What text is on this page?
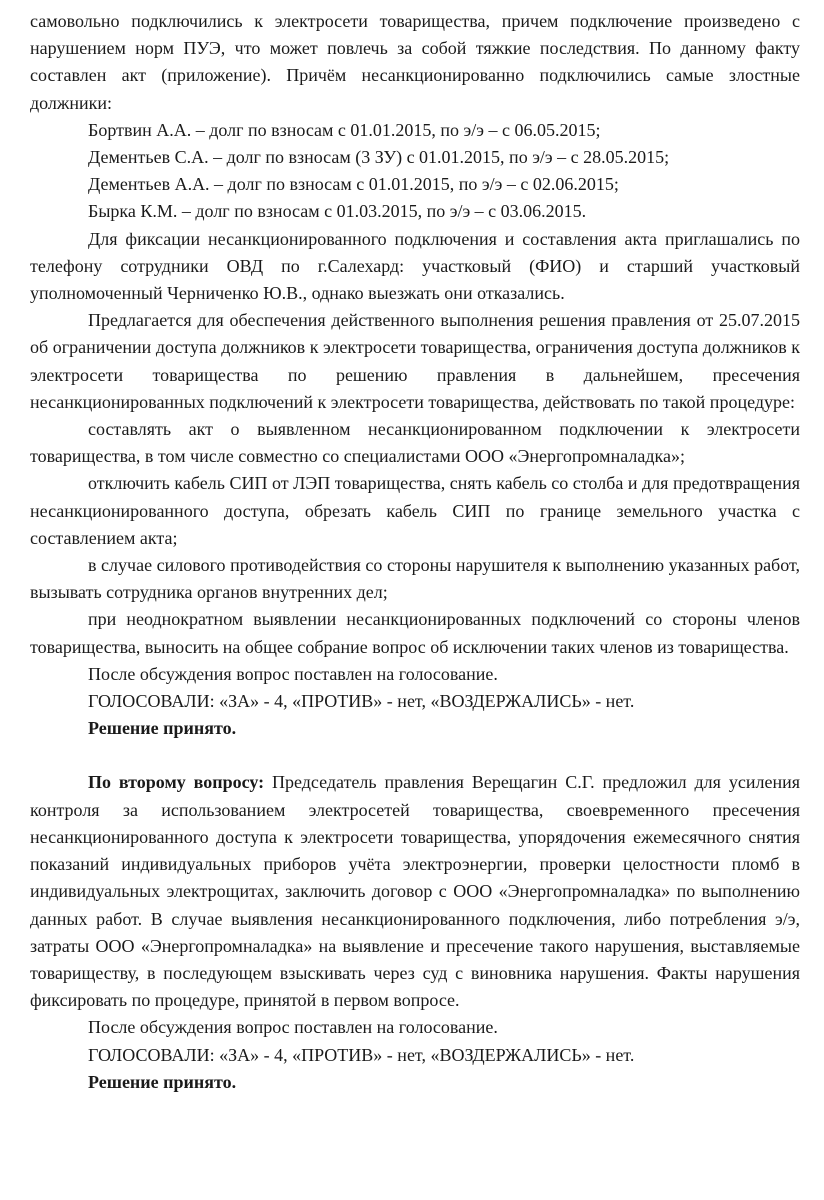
самовольно подключились к электросети товарищества, причем подключение произведено с нарушением норм ПУЭ, что может повлечь за собой тяжкие последствия. По данному факту составлен акт (приложение). Причём несанкционированно подключились самые злостные должники:

Бортвин А.А. – долг по взносам с 01.01.2015, по э/э – с 06.05.2015;
Дементьев С.А. – долг по взносам (3 ЗУ) с 01.01.2015, по э/э – с 28.05.2015;
Дементьев А.А. – долг по взносам с 01.01.2015, по э/э – с 02.06.2015;
Бырка К.М. – долг по взносам с 01.03.2015, по э/э – с 03.06.2015.

Для фиксации несанкционированного подключения и составления акта приглашались по телефону сотрудники ОВД по г.Салехард: участковый (ФИО) и старший участковый уполномоченный Черниченко Ю.В., однако выезжать они отказались.

Предлагается для обеспечения действенного выполнения решения правления от 25.07.2015 об ограничении доступа должников к электросети товарищества, ограничения доступа должников к электросети товарищества по решению правления в дальнейшем, пресечения несанкционированных подключений к электросети товарищества, действовать по такой процедуре:

составлять акт о выявленном несанкционированном подключении к электросети товарищества, в том числе совместно со специалистами ООО «Энергопромналадка»;

отключить кабель СИП от ЛЭП товарищества, снять кабель со столба и для предотвращения несанкционированного доступа, обрезать кабель СИП по границе земельного участка с составлением акта;

в случае силового противодействия со стороны нарушителя к выполнению указанных работ, вызывать сотрудника органов внутренних дел;

при неоднократном выявлении несанкционированных подключений со стороны членов товарищества, выносить на общее собрание вопрос об исключении таких членов из товарищества.

После обсуждения вопрос поставлен на голосование.

ГОЛОСОВАЛИ: «ЗА» - 4, «ПРОТИВ» - нет, «ВОЗДЕРЖАЛИСЬ» - нет.

Решение принято.

По второму вопросу: Председатель правления Верещагин С.Г. предложил для усиления контроля за использованием электросетей товарищества, своевременного пресечения несанкционированного доступа к электросети товарищества, упорядочения ежемесячного снятия показаний индивидуальных приборов учёта электроэнергии, проверки целостности пломб в индивидуальных электрощитах, заключить договор с ООО «Энергопромналадка» по выполнению данных работ. В случае выявления несанкционированного подключения, либо потребления э/э, затраты ООО «Энергопромналадка» на выявление и пресечение такого нарушения, выставляемые товариществу, в последующем взыскивать через суд с виновника нарушения. Факты нарушения фиксировать по процедуре, принятой в первом вопросе.

После обсуждения вопрос поставлен на голосование.

ГОЛОСОВАЛИ: «ЗА» - 4, «ПРОТИВ» - нет, «ВОЗДЕРЖАЛИСЬ» - нет.

Решение принято.
